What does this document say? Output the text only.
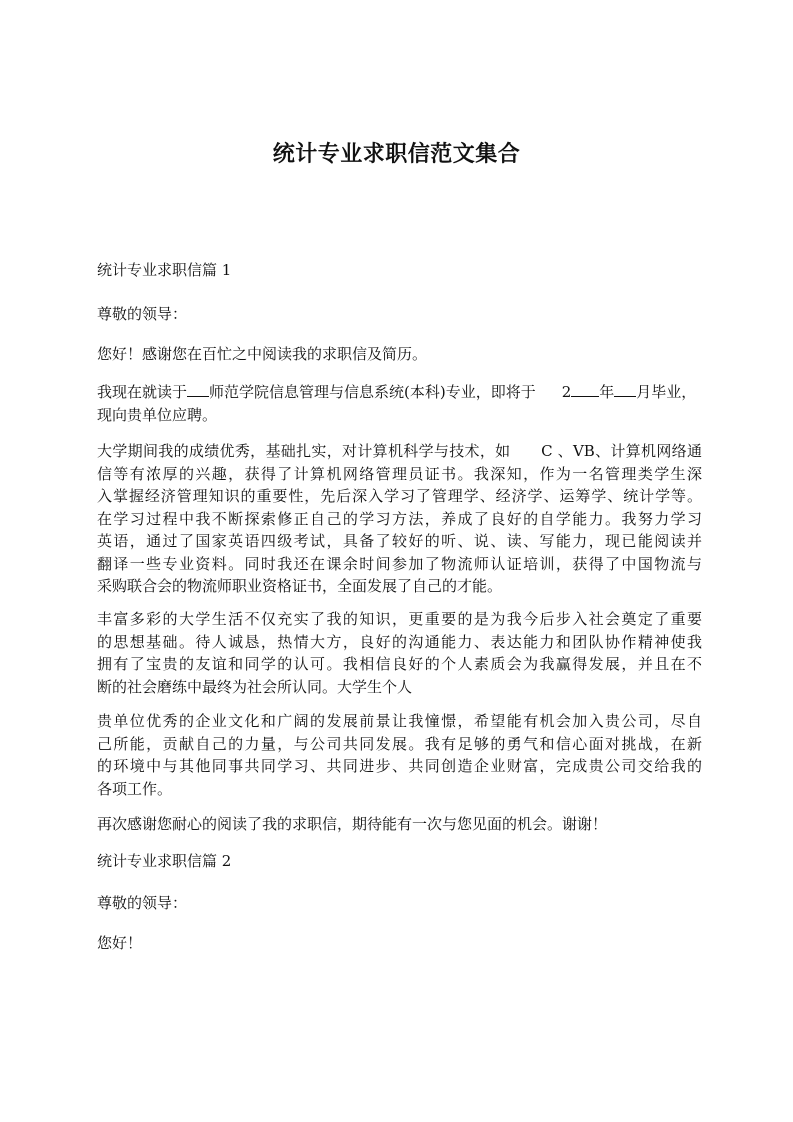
统计专业求职信范文集合
统计专业求职信篇 1
尊敬的领导：
您好！感谢您在百忙之中阅读我的求职信及简历。
我现在就读于 师范学院信息管理与信息系统(本科)专业，即将于 2 年 月毕业，
现向贵单位应聘。
大学期间我的成绩优秀，基础扎实，对计算机科学与技术，如　　C 、VB、计算机网络通
信等有浓厚的兴趣，获得了计算机网络管理员证书。我深知，作为一名管理类学生深
入掌握经济管理知识的重要性，先后深入学习了管理学、经济学、运筹学、统计学等。
在学习过程中我不断探索修正自己的学习方法，养成了良好的自学能力。我努力学习
英语，通过了国家英语四级考试，具备了较好的听、说、读、写能力，现已能阅读并
翻译一些专业资料。同时我还在课余时间参加了物流师认证培训，获得了中国物流与
采购联合会的物流师职业资格证书，全面发展了自己的才能。
丰富多彩的大学生活不仅充实了我的知识，更重要的是为我今后步入社会奠定了重要
的思想基础。待人诚恳，热情大方，良好的沟通能力、表达能力和团队协作精神使我
拥有了宝贵的友谊和同学的认可。我相信良好的个人素质会为我赢得发展，并且在不
断的社会磨练中最终为社会所认同。大学生个人
贵单位优秀的企业文化和广阔的发展前景让我憧憬，希望能有机会加入贵公司，尽自
己所能，贡献自己的力量，与公司共同发展。我有足够的勇气和信心面对挑战，在新
的环境中与其他同事共同学习、共同进步、共同创造企业财富，完成贵公司交给我的
各项工作。
再次感谢您耐心的阅读了我的求职信，期待能有一次与您见面的机会。谢谢！
统计专业求职信篇 2
尊敬的领导：
您好！
